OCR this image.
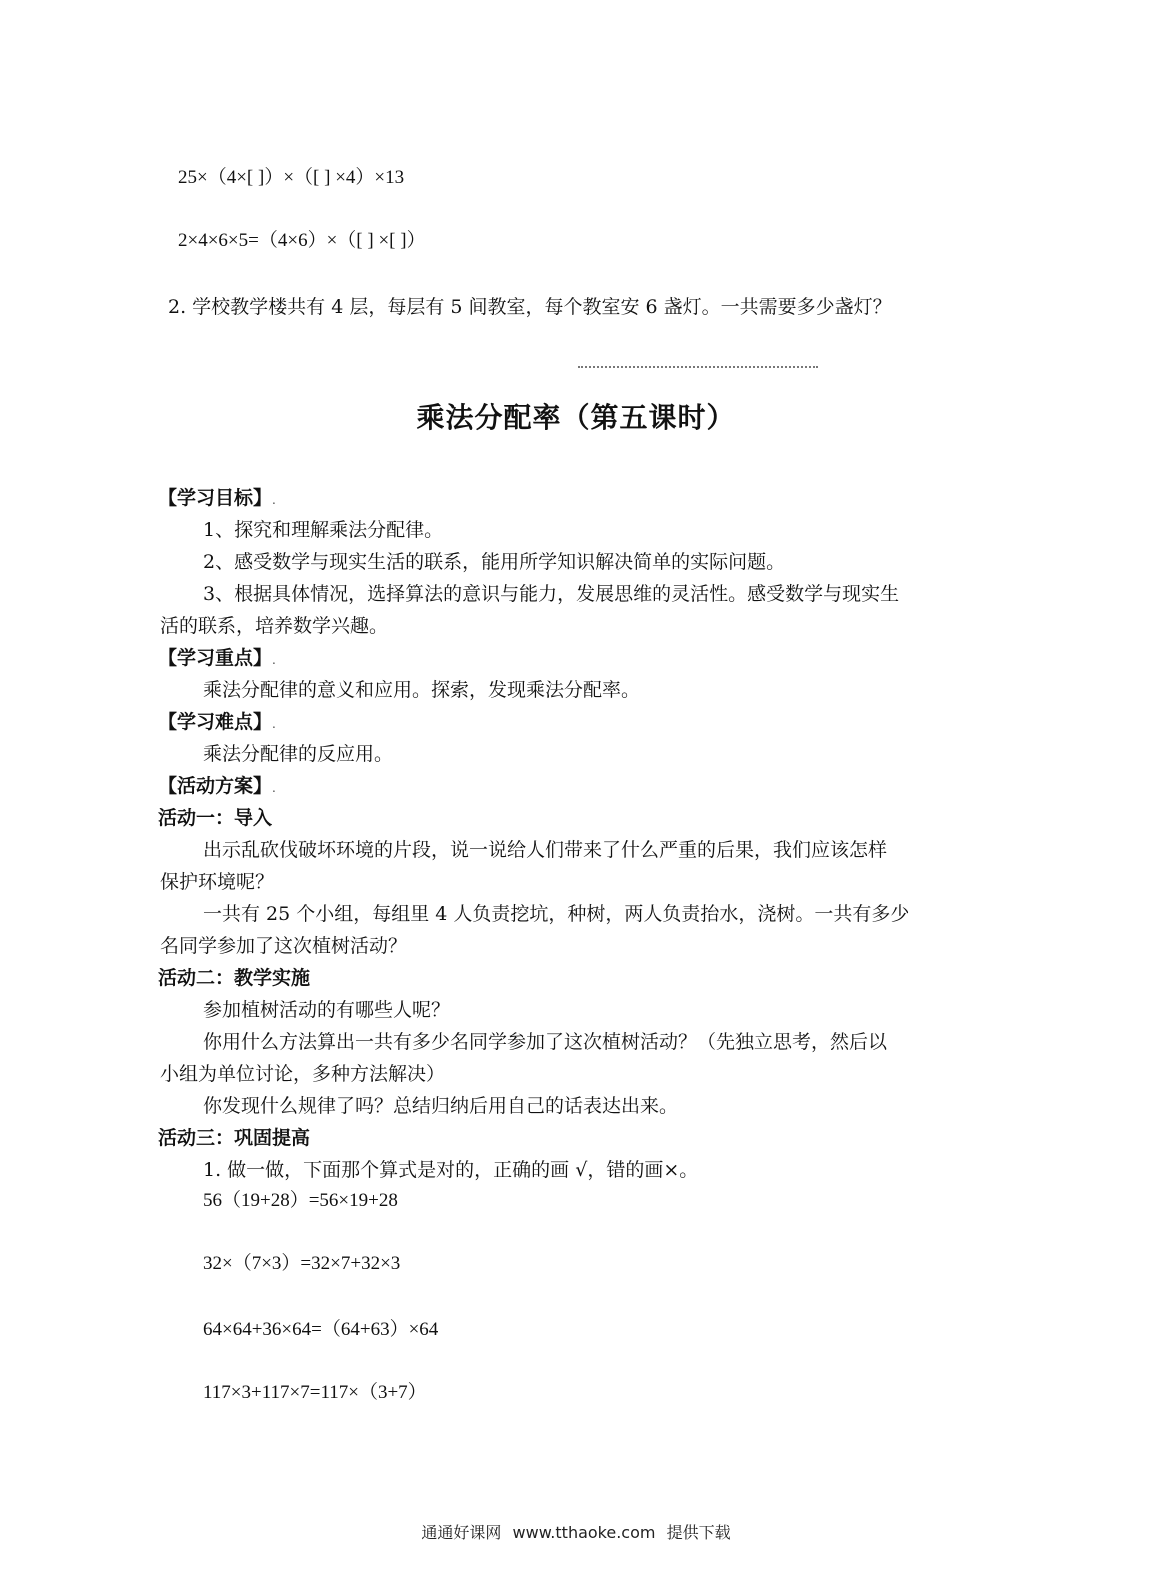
25×（4×[ ]）×（[ ] ×4）×13
2×4×6×5=（4×6）×（[ ] ×[ ]）
2. 学校教学楼共有 4 层，每层有 5 间教室，每个教室安 6 盏灯。一共需要多少盏灯？
乘法分配率（第五课时）
【学习目标】.
1、探究和理解乘法分配律。
2、感受数学与现实生活的联系，能用所学知识解决简单的实际问题。
3、根据具体情况，选择算法的意识与能力，发展思维的灵活性。感受数学与现实生
活的联系，培养数学兴趣。
【学习重点】.
乘法分配律的意义和应用。探索，发现乘法分配率。
【学习难点】.
乘法分配律的反应用。
【活动方案】.
活动一：导入
出示乱砍伐破坏环境的片段，说一说给人们带来了什么严重的后果，我们应该怎样
保护环境呢？
一共有 25 个小组，每组里 4 人负责挖坑，种树，两人负责抬水，浇树。一共有多少
名同学参加了这次植树活动？
活动二：教学实施
参加植树活动的有哪些人呢？
你用什么方法算出一共有多少名同学参加了这次植树活动？（先独立思考，然后以
小组为单位讨论，多种方法解决）
你发现什么规律了吗？总结归纳后用自己的话表达出来。
活动三：巩固提高
1. 做一做，下面那个算式是对的，正确的画 √，错的画×。
56（19+28）=56×19+28
32×（7×3）=32×7+32×3
64×64+36×64=（64+63）×64
117×3+117×7=117×（3+7）
通通好课网 www.tthaoke.com 提供下载
